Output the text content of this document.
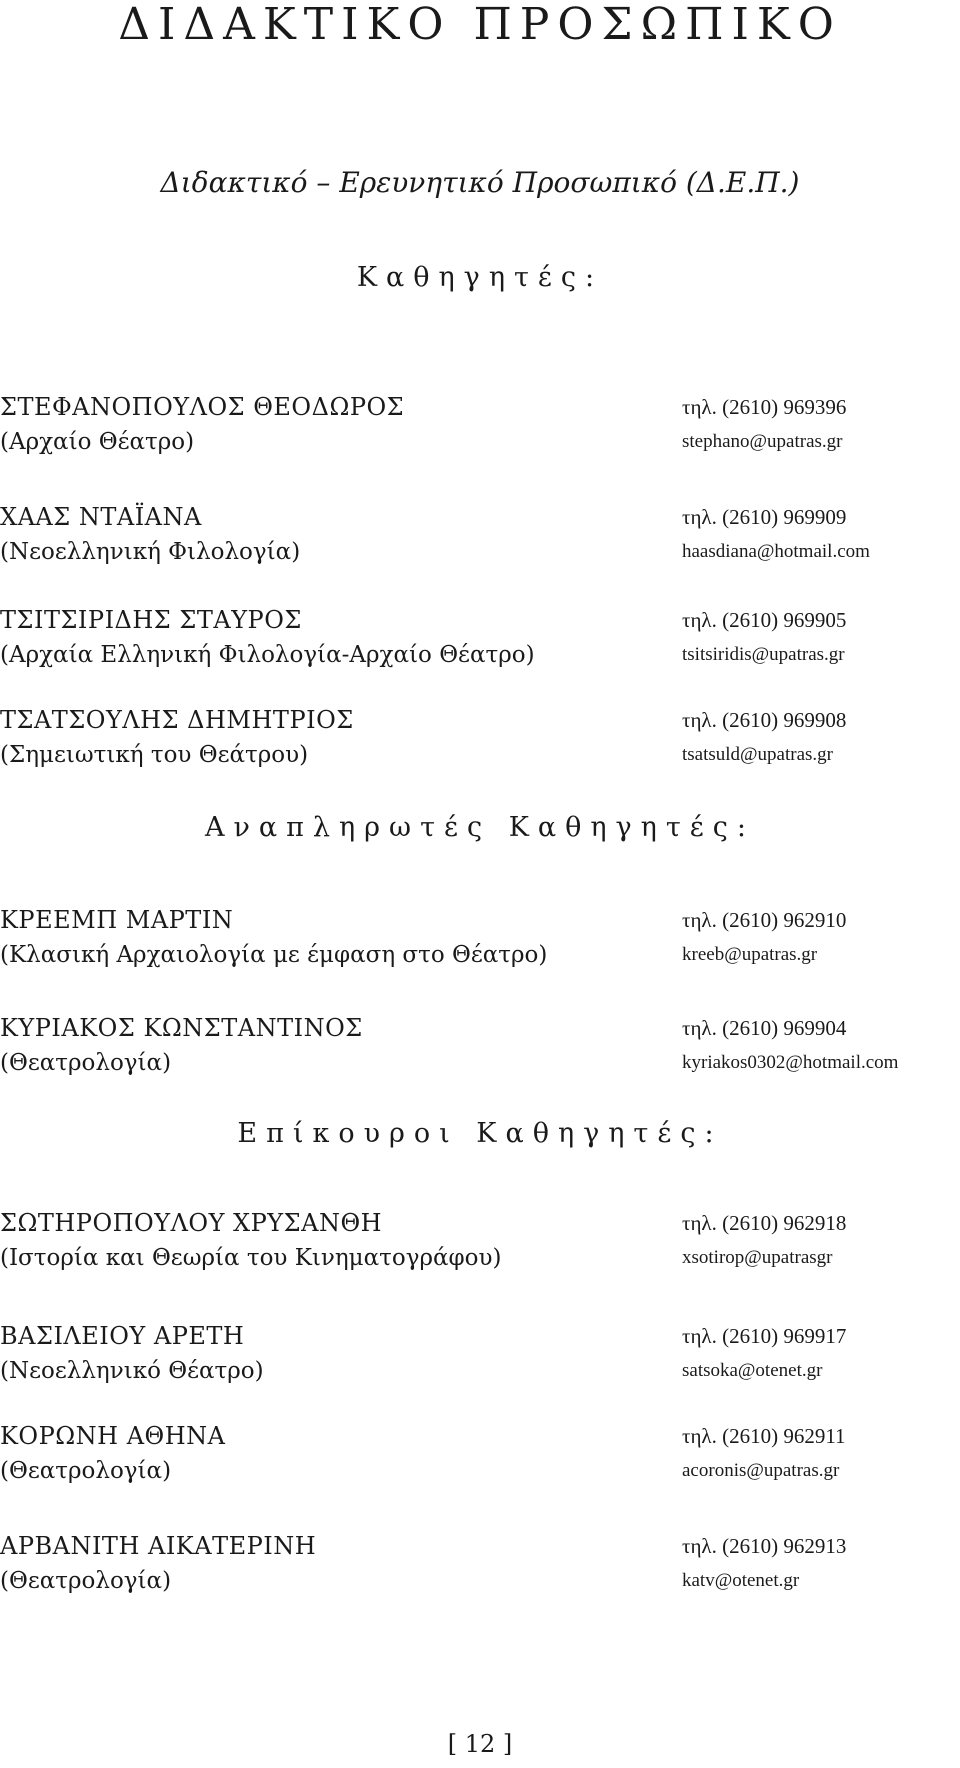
ΔΙΔΑΚΤΙΚΟ ΠΡΟΣΩΠΙΚΟ
Διδακτικό – Ερευνητικό Προσωπικό (Δ.Ε.Π.)
Καθηγητές:
ΣΤΕΦΑΝΟΠΟΥΛΟΣ ΘΕΟΔΩΡΟΣ
(Αρχαίο Θέατρο)
τηλ. (2610) 969396
stephano@upatras.gr
ΧΑΑΣ ΝΤΑΪΑΝΑ
(Νεοελληνική Φιλολογία)
τηλ. (2610) 969909
haasdiana@hotmail.com
ΤΣΙΤΣΙΡΙΔΗΣ ΣΤΑΥΡΟΣ
(Αρχαία Ελληνική Φιλολογία-Αρχαίο Θέατρο)
τηλ. (2610) 969905
tsitsiridis@upatras.gr
ΤΣΑΤΣΟΥΛΗΣ ΔΗΜΗΤΡΙΟΣ
(Σημειωτική του Θεάτρου)
τηλ. (2610) 969908
tsatsuld@upatras.gr
Αναπληρωτές Καθηγητές:
ΚΡΕΕΜΠ ΜΑΡΤΙΝ
(Κλασική Αρχαιολογία με έμφαση στο Θέατρο)
τηλ. (2610) 962910
kreeb@upatras.gr
ΚΥΡΙΑΚΟΣ ΚΩΝΣΤΑΝΤΙΝΟΣ
(Θεατρολογία)
τηλ. (2610) 969904
kyriakos0302@hotmail.com
Επίκουροι Καθηγητές:
ΣΩΤΗΡΟΠΟΥΛΟΥ ΧΡΥΣΑΝΘΗ
(Ιστορία και Θεωρία του Κινηματογράφου)
τηλ. (2610) 962918
xsotirop@upatrasgr
ΒΑΣΙΛΕΙΟΥ ΑΡΕΤΗ
(Νεοελληνικό Θέατρο)
τηλ. (2610) 969917
satsoka@otenet.gr
ΚΟΡΩΝΗ ΑΘΗΝΑ
(Θεατρολογία)
τηλ. (2610) 962911
acoronis@upatras.gr
ΑΡΒΑΝΙΤΗ ΑΙΚΑΤΕΡΙΝΗ
(Θεατρολογία)
τηλ. (2610) 962913
katv@otenet.gr
[ 12 ]
